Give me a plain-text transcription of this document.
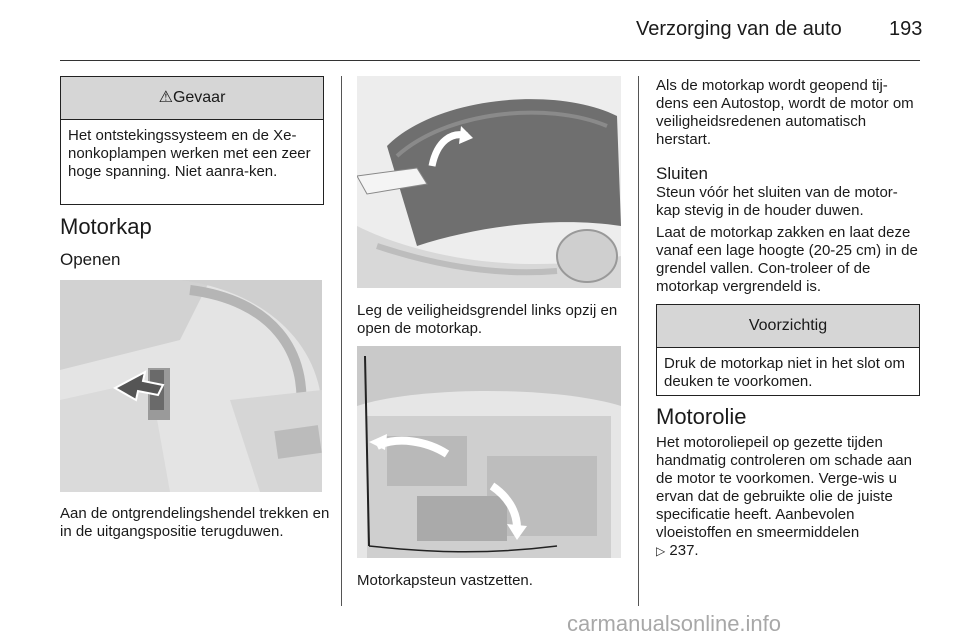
Verzorging van de auto 193
⚠Gevaar
Het ontstekingssysteem en de Xe-nonkoplampen werken met een zeer hoge spanning. Niet aanra-ken.
Motorkap
Openen
Aan de ontgrendelingshendel trekken en in de uitgangspositie terugduwen.
Leg de veiligheidsgrendel links opzij en open de motorkap.
Motorkapsteun vastzetten.
Als de motorkap wordt geopend tij-dens een Autostop, wordt de motor om veiligheidsredenen automatisch herstart.
Sluiten
Steun vóór het sluiten van de motor-kap stevig in de houder duwen.
Laat de motorkap zakken en laat deze vanaf een lage hoogte (20-25 cm) in de grendel vallen. Con-troleer of de motorkap vergrendeld is.
Voorzichtig
Druk de motorkap niet in het slot om deuken te voorkomen.
Motorolie
Het motoroliepeil op gezette tijden handmatig controleren om schade aan de motor te voorkomen. Verge-wis u ervan dat de gebruikte olie de juiste specificatie heeft. Aanbevolen vloeistoffen en smeermiddelen
▷ 237.
carmanualsonline.info
